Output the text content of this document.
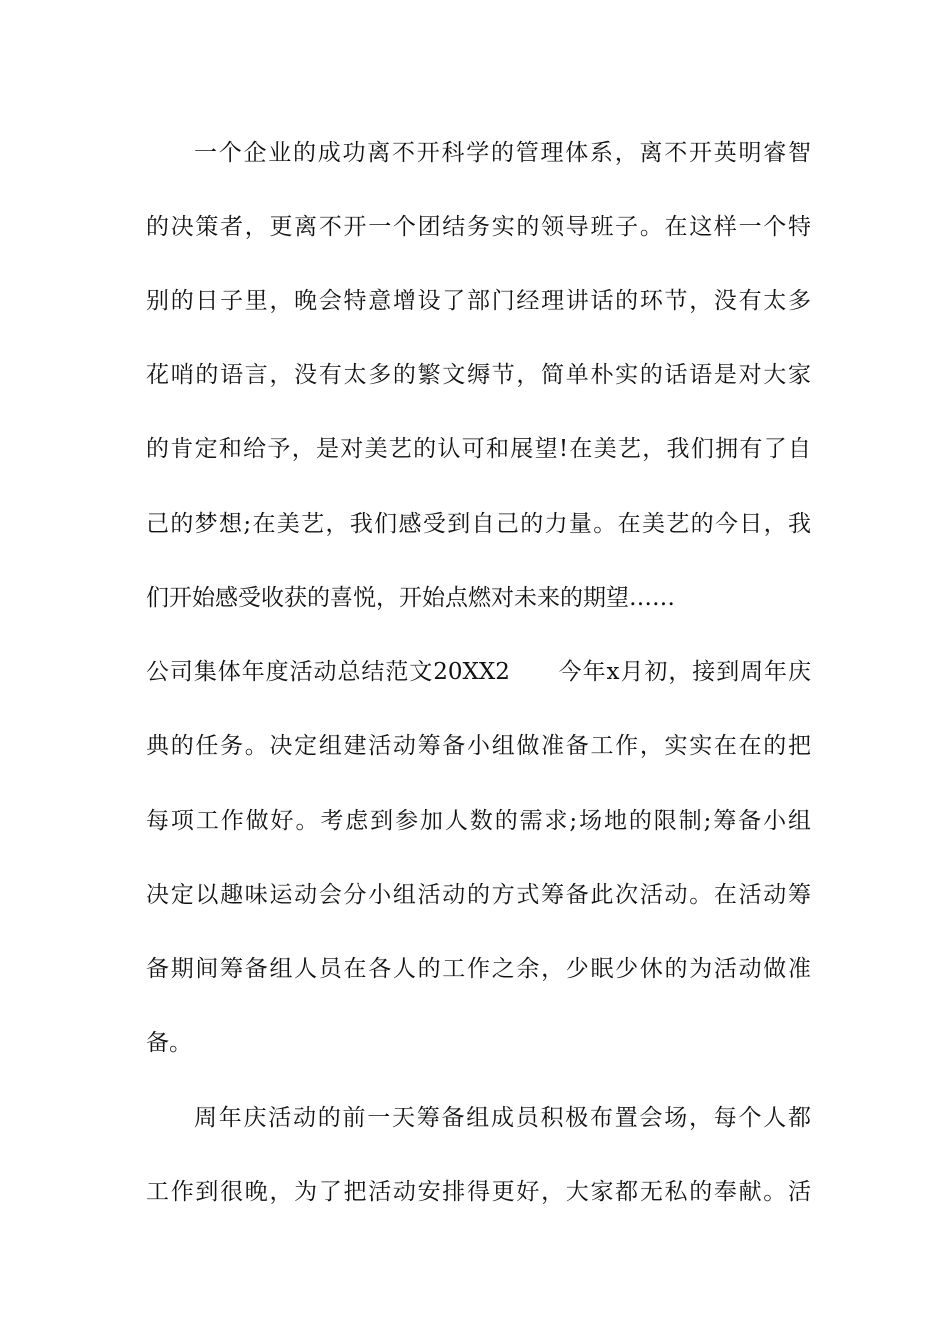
一个企业的成功离不开科学的管理体系，离不开英明睿智

的决策者，更离不开一个团结务实的领导班子。在这样一个特

别的日子里，晚会特意增设了部门经理讲话的环节，没有太多

花哨的语言，没有太多的繁文缛节，简单朴实的话语是对大家

的肯定和给予，是对美艺的认可和展望!在美艺，我们拥有了自

己的梦想;在美艺，我们感受到自己的力量。在美艺的今日，我

们开始感受收获的喜悦，开始点燃对未来的期望……

公司集体年度活动总结范文20XX2　　今年x月初，接到周年庆

典的任务。决定组建活动筹备小组做准备工作，实实在在的把

每项工作做好。考虑到参加人数的需求;场地的限制;筹备小组

决定以趣味运动会分小组活动的方式筹备此次活动。在活动筹

备期间筹备组人员在各人的工作之余，少眠少休的为活动做准

备。

周年庆活动的前一天筹备组成员积极布置会场，每个人都

工作到很晚，为了把活动安排得更好，大家都无私的奉献。活
